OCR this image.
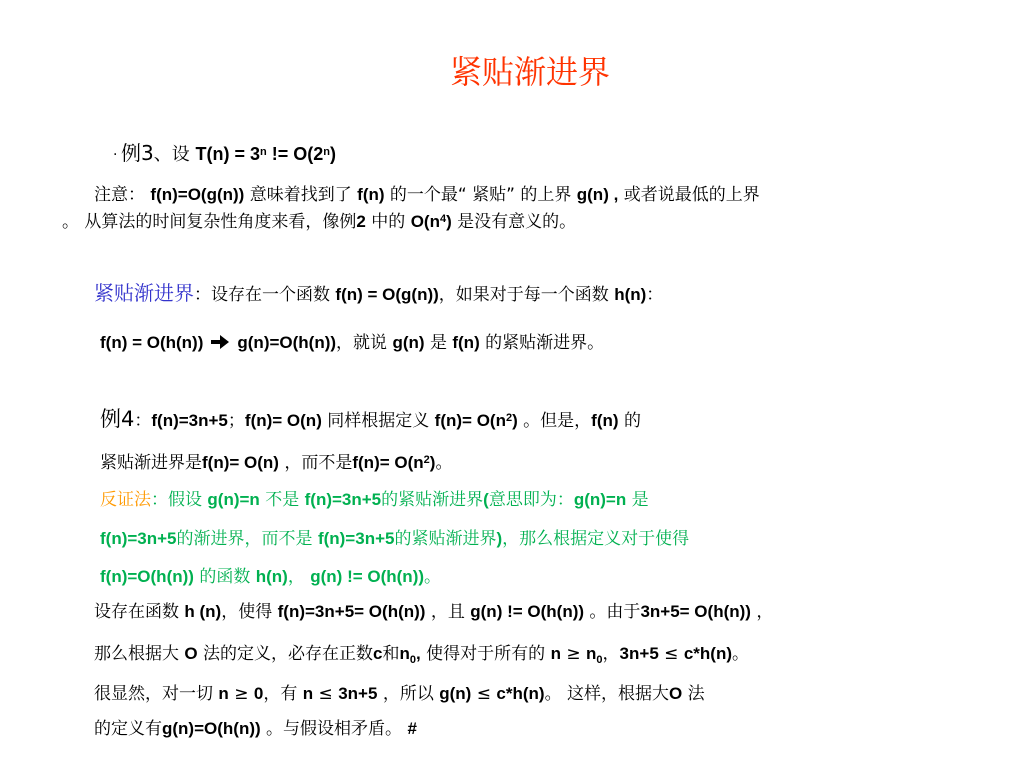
紧贴渐进界
· 例3、设 $T(n) = 3^n$ != $O(2^n)$
注意： f(n)=O(g(n)) 意味着找到了 f(n) 的一个最“ 紧贴” 的上界 g(n) , 或者说最低的上界
。 从算法的时间复杂性角度来看，像例2 中的 $O(n^4)$ 是没有意义的。
紧贴渐进界：设存在一个函数 f(n) = O(g(n))，如果对于每一个函数 h(n)：
f(n) = O(h(n)) g(n)=O(h(n))，就说 g(n) 是 f(n) 的紧贴渐进界。
例4：f(n)=3n+5；f(n)= O(n) 同样根据定义 $f(n)= O(n^2)$ 。但是，f(n) 的
紧贴渐进界是f(n)= O(n) ，而不是$f(n)= O(n^2)$。
反证法：假设 g(n)=n 不是 f(n)=3n+5的紧贴渐进界(意思即为：g(n)=n 是
f(n)=3n+5的渐进界，而不是 f(n)=3n+5的紧贴渐进界)，那么根据定义对于使得
f(n)=O(h(n)) 的函数 h(n)， g(n) != O(h(n))。
设存在函数 h (n)，使得 f(n)=3n+5= O(h(n)) ，且 g(n) != O(h(n)) 。由于3n+5= O(h(n)) ，
那么根据大 O 法的定义，必存在正数c和$n_0$, 使得对于所有的 $n \ge n_0$，3n+5 ≤ c*h(n)。
很显然，对一切 n ≥ 0，有 n ≤ 3n+5 ，所以 g(n) ≤ c*h(n)。 这样，根据大O 法
的定义有g(n)=O(h(n)) 。与假设相矛盾。 #
